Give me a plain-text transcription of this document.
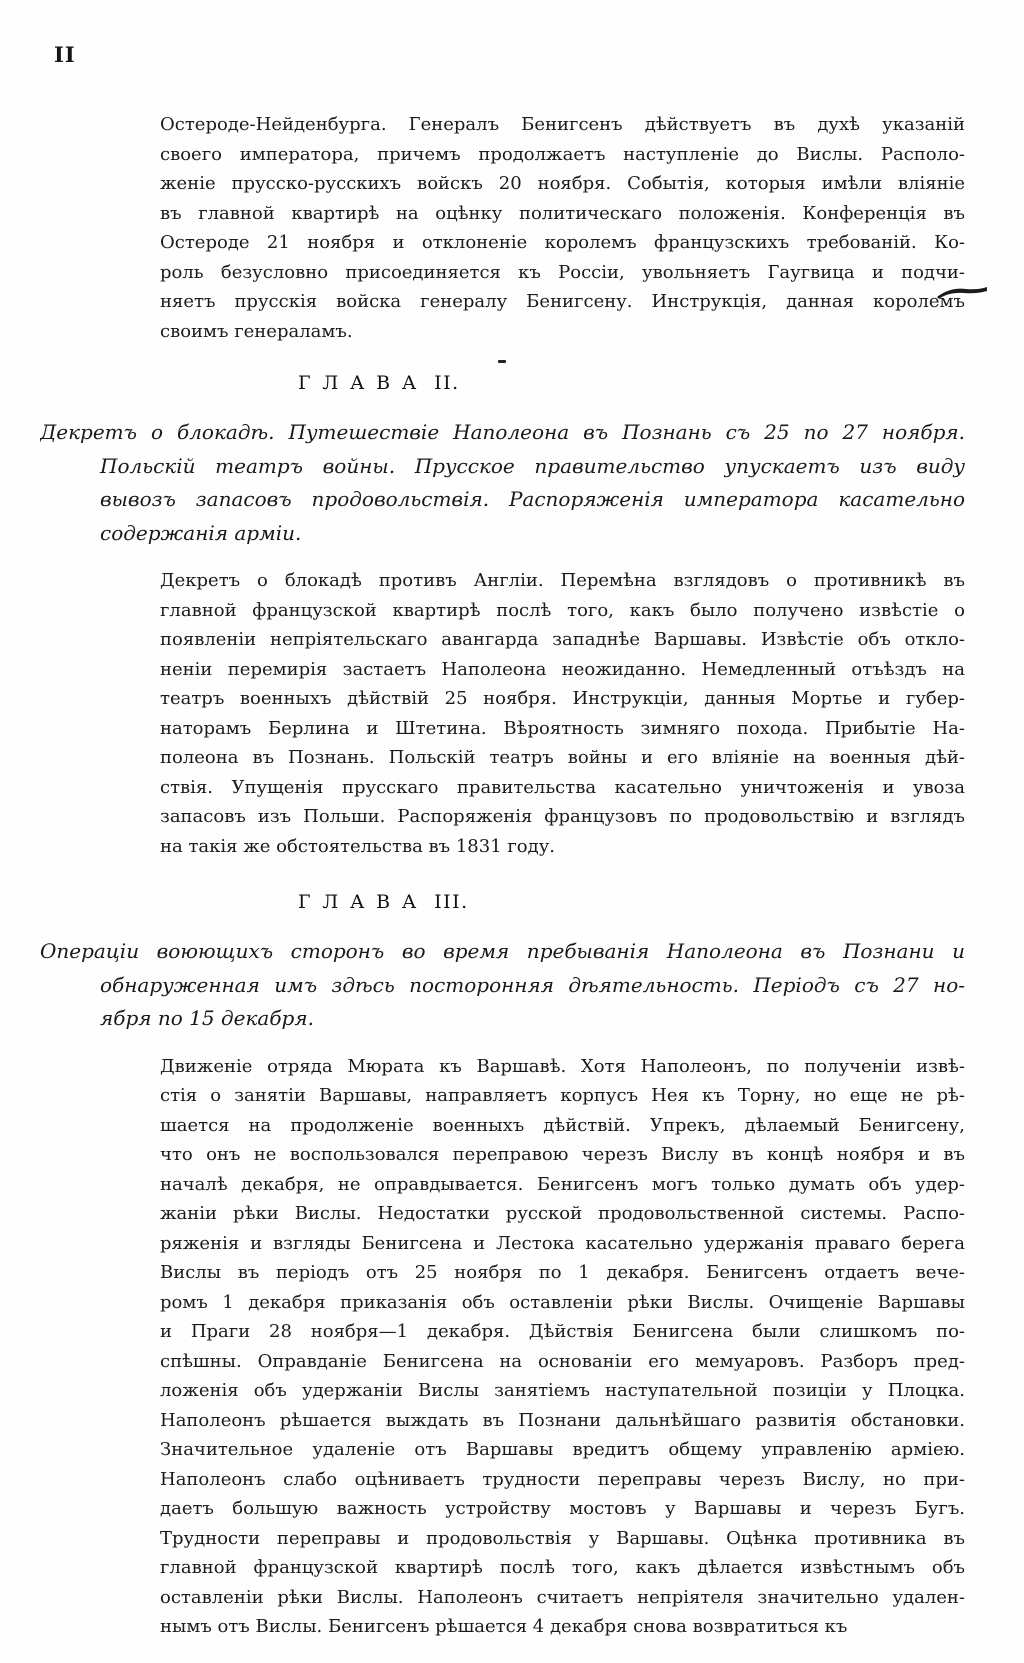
II
Остероде-Нейденбурга. Генералъ Бенигсенъ дѣйствуетъ въ духѣ указаній
своего императора, причемъ продолжаетъ наступленіе до Вислы. Располо-
женіе прусско-русскихъ войскъ 20 ноября. Событія, которыя имѣли вліяніе
въ главной квартирѣ на оцѣнку политическаго положенія. Конференція въ
Остероде 21 ноября и отклоненіе королемъ французскихъ требованій. Ко-
роль безусловно присоединяется къ Россіи, увольняетъ Гаугвица и подчи-
няетъ прусскія войска генералу Бенигсену. Инструкція, данная королемъ
своимъ генераламъ.
ГЛАВА II.
Декретъ о блокадѣ. Путешествіе Наполеона въ Познань съ 25 по 27 ноября.
Польскій театръ войны. Прусское правительство упускаетъ изъ виду
вывозъ запасовъ продовольствія. Распоряженія императора касательно
содержанія арміи.
Декретъ о блокадѣ противъ Англіи. Перемѣна взглядовъ о противникѣ въ
главной французской квартирѣ послѣ того, какъ было получено извѣстіе о
появленіи непріятельскаго авангарда западнѣе Варшавы. Извѣстіе объ откло-
неніи перемирія застаетъ Наполеона неожиданно. Немедленный отъѣздъ на
театръ военныхъ дѣйствій 25 ноября. Инструкціи, данныя Мортье и губер-
наторамъ Берлина и Штетина. Вѣроятность зимняго похода. Прибытіе На-
полеона въ Познань. Польскій театръ войны и его вліяніе на военныя дѣй-
ствія. Упущенія прусскаго правительства касательно уничтоженія и увоза
запасовъ изъ Польши. Распоряженія французовъ по продовольствію и взглядъ
на такія же обстоятельства въ 1831 году.
ГЛАВА III.
Операціи воюющихъ сторонъ во время пребыванія Наполеона въ Познани и
обнаруженная имъ здѣсь посторонняя дѣятельность. Періодъ съ 27 но-
ября по 15 декабря.
Движеніе отряда Мюрата къ Варшавѣ. Хотя Наполеонъ, по полученіи извѣ-
стія о занятіи Варшавы, направляетъ корпусъ Нея къ Торну, но еще не рѣ-
шается на продолженіе военныхъ дѣйствій. Упрекъ, дѣлаемый Бенигсену,
что онъ не воспользовался переправою черезъ Вислу въ концѣ ноября и въ
началѣ декабря, не оправдывается. Бенигсенъ могъ только думать объ удер-
жаніи рѣки Вислы. Недостатки русской продовольственной системы. Распо-
ряженія и взгляды Бенигсена и Лестока касательно удержанія праваго берега
Вислы въ періодъ отъ 25 ноября по 1 декабря. Бенигсенъ отдаетъ вече-
ромъ 1 декабря приказанія объ оставленіи рѣки Вислы. Очищеніе Варшавы
и Праги 28 ноября—1 декабря. Дѣйствія Бенигсена были слишкомъ по-
спѣшны. Оправданіе Бенигсена на основаніи его мемуаровъ. Разборъ пред-
ложенія объ удержаніи Вислы занятіемъ наступательной позиціи у Плоцка.
Наполеонъ рѣшается выждать въ Познани дальнѣйшаго развитія обстановки.
Значительное удаленіе отъ Варшавы вредитъ общему управленію арміею.
Наполеонъ слабо оцѣниваетъ трудности переправы черезъ Вислу, но при-
даетъ большую важность устройству мостовъ у Варшавы и черезъ Бугъ.
Трудности переправы и продовольствія у Варшавы. Оцѣнка противника въ
главной французской квартирѣ послѣ того, какъ дѣлается извѣстнымъ объ
оставленіи рѣки Вислы. Наполеонъ считаетъ непріятеля значительно удален-
нымъ отъ Вислы. Бенигсенъ рѣшается 4 декабря снова возвратиться къ
